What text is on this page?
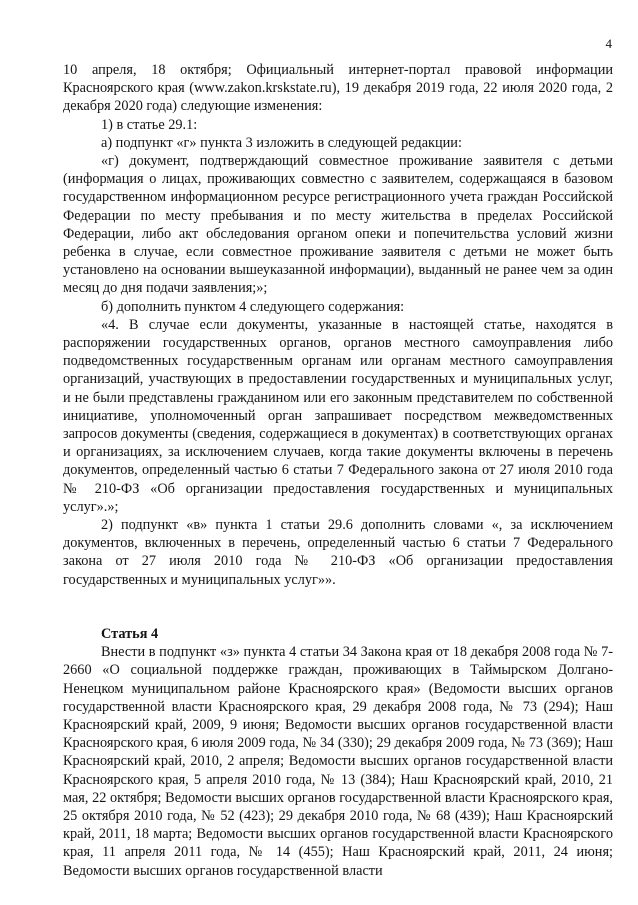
4

10 апреля, 18 октября; Официальный интернет-портал правовой информации Красноярского края (www.zakon.krskstate.ru), 19 декабря 2019 года, 22 июля 2020 года, 2 декабря 2020 года) следующие изменения:

1) в статье 29.1:

а) подпункт «г» пункта 3 изложить в следующей редакции:

«г) документ, подтверждающий совместное проживание заявителя с детьми (информация о лицах, проживающих совместно с заявителем, содержащаяся в базовом государственном информационном ресурсе регистрационного учета граждан Российской Федерации по месту пребывания и по месту жительства в пределах Российской Федерации, либо акт обследования органом опеки и попечительства условий жизни ребенка в случае, если совместное проживание заявителя с детьми не может быть установлено на основании вышеуказанной информации), выданный не ранее чем за один месяц до дня подачи заявления;»;

б) дополнить пунктом 4 следующего содержания:

«4. В случае если документы, указанные в настоящей статье, находятся в распоряжении государственных органов, органов местного самоуправления либо подведомственных государственным органам или органам местного самоуправления организаций, участвующих в предоставлении государственных и муниципальных услуг, и не были представлены гражданином или его законным представителем по собственной инициативе, уполномоченный орган запрашивает посредством межведомственных запросов документы (сведения, содержащиеся в документах) в соответствующих органах и организациях, за исключением случаев, когда такие документы включены в перечень документов, определенный частью 6 статьи 7 Федерального закона от 27 июля 2010 года № 210-ФЗ «Об организации предоставления государственных и муниципальных услуг».»;

2) подпункт «в» пункта 1 статьи 29.6 дополнить словами «, за исключением документов, включенных в перечень, определенный частью 6 статьи 7 Федерального закона от 27 июля 2010 года № 210-ФЗ «Об организации предоставления государственных и муниципальных услуг»».

Статья 4

Внести в подпункт «з» пункта 4 статьи 34 Закона края от 18 декабря 2008 года № 7-2660 «О социальной поддержке граждан, проживающих в Таймырском Долгано-Ненецком муниципальном районе Красноярского края» (Ведомости высших органов государственной власти Красноярского края, 29 декабря 2008 года, № 73 (294); Наш Красноярский край, 2009, 9 июня; Ведомости высших органов государственной власти Красноярского края, 6 июля 2009 года, № 34 (330); 29 декабря 2009 года, № 73 (369); Наш Красноярский край, 2010, 2 апреля; Ведомости высших органов государственной власти Красноярского края, 5 апреля 2010 года, № 13 (384); Наш Красноярский край, 2010, 21 мая, 22 октября; Ведомости высших органов государственной власти Красноярского края, 25 октября 2010 года, № 52 (423); 29 декабря 2010 года, № 68 (439); Наш Красноярский край, 2011, 18 марта; Ведомости высших органов государственной власти Красноярского края, 11 апреля 2011 года, № 14 (455); Наш Красноярский край, 2011, 24 июня; Ведомости высших органов государственной власти
